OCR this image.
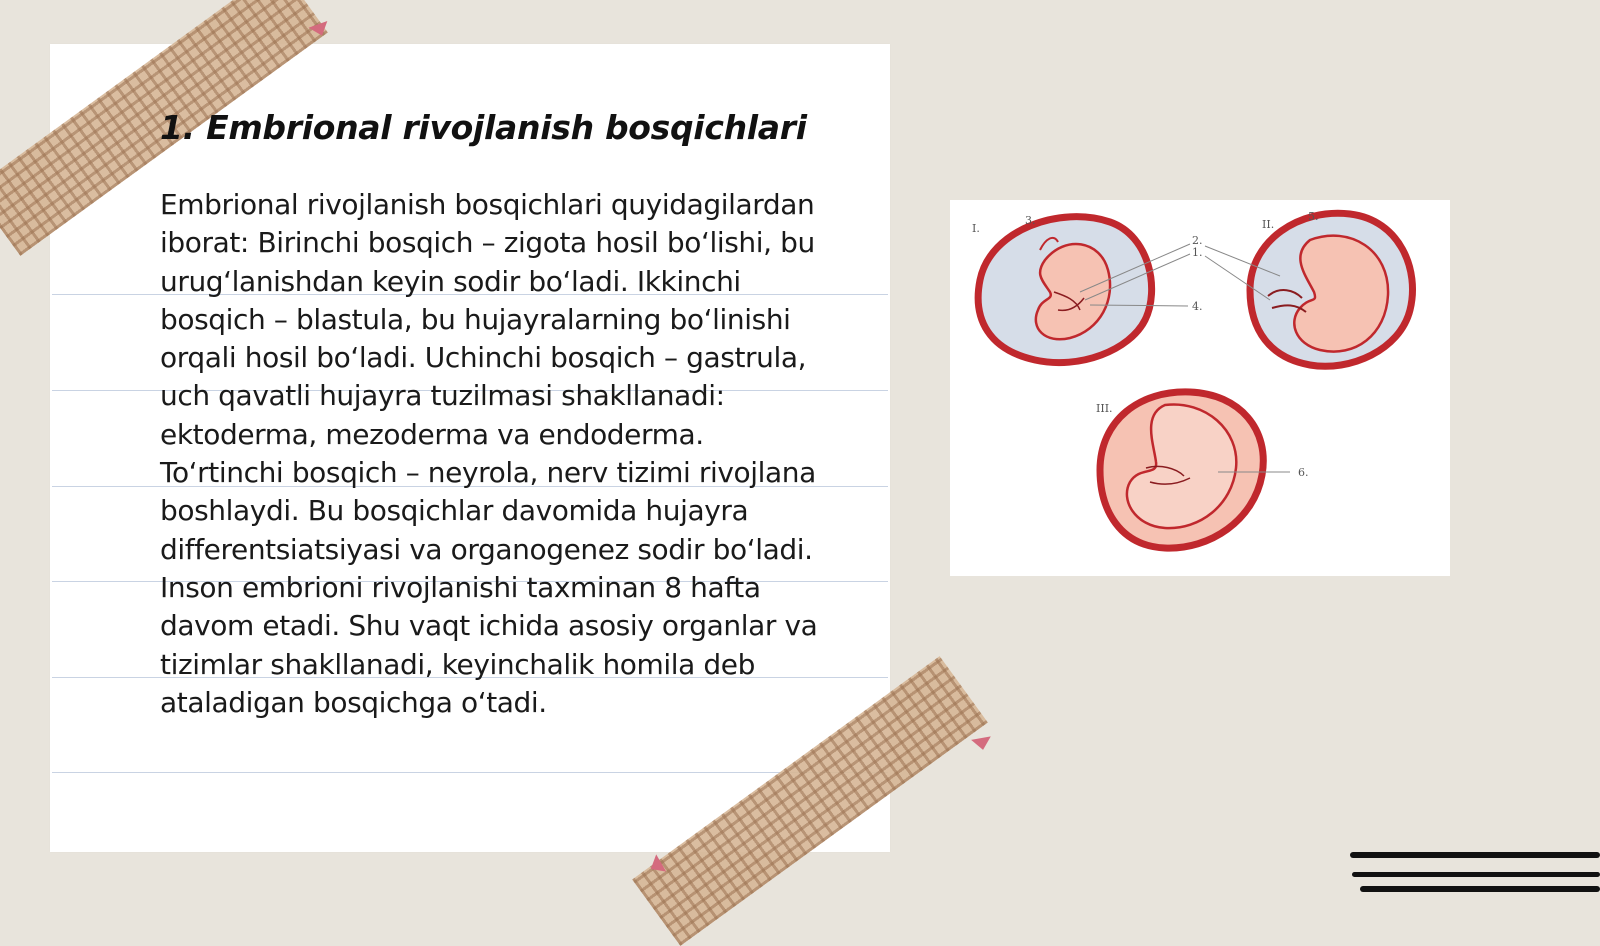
1. Embrional rivojlanish bosqichlari

Embrional rivojlanish bosqichlari quyidagilardan iborat: Birinchi bosqich – zigota hosil bo‘lishi, bu urug‘lanishdan keyin sodir bo‘ladi. Ikkinchi bosqich – blastula, bu hujayralarning bo‘linishi orqali hosil bo‘ladi. Uchinchi bosqich – gastrula, uch qavatli hujayra tuzilmasi shakllanadi: ektoderma, mezoderma va endoderma. To‘rtinchi bosqich – neyrola, nerv tizimi rivojlana boshlaydi. Bu bosqichlar davomida hujayra differentsiatsiyasi va organogenez sodir bo‘ladi. Inson embrioni rivojlanishi taxminan 8 hafta davom etadi. Shu vaqt ichida asosiy organlar va tizimlar shakllanadi, keyinchalik homila deb ataladigan bosqichga o‘tadi.

I.
3.
2.
1.
4.
II.
5.
III.
6.
